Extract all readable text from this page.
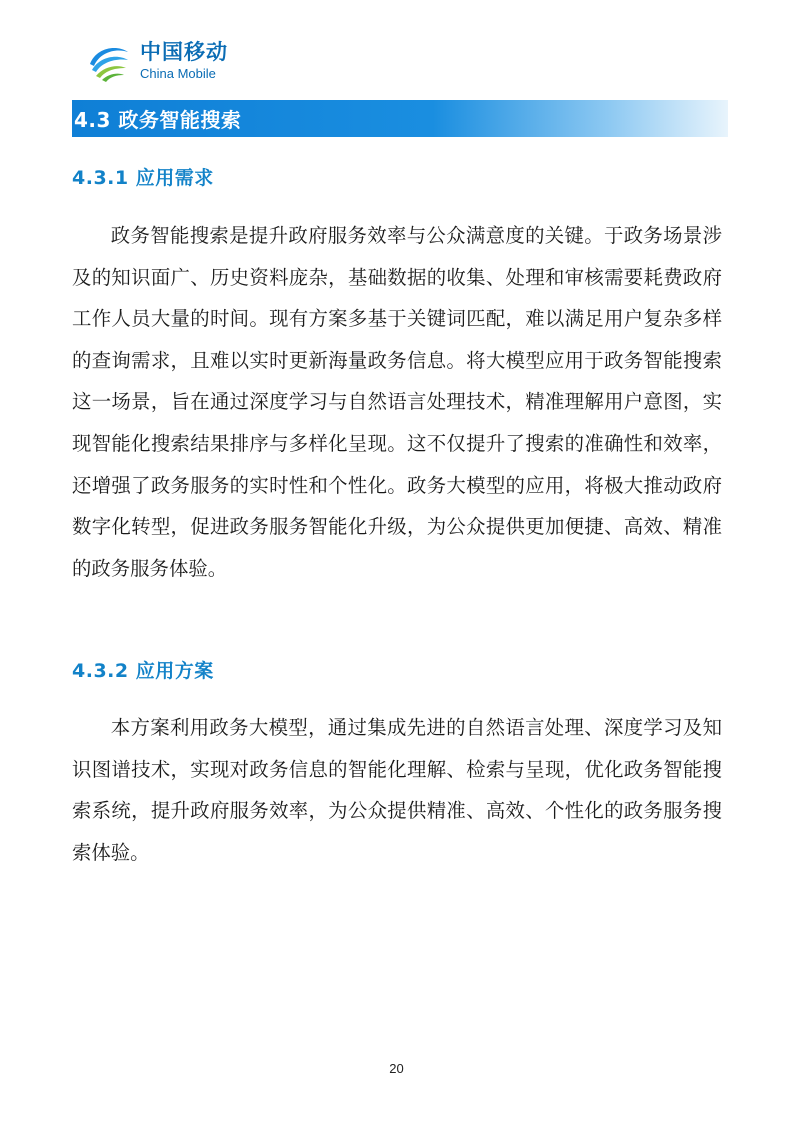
中国移动
China Mobile
4.3 政务智能搜索
4.3.1 应用需求

政务智能搜索是提升政府服务效率与公众满意度的关键。于政务场景涉及的知识面广、历史资料庞杂，基础数据的收集、处理和审核需要耗费政府工作人员大量的时间。现有方案多基于关键词匹配，难以满足用户复杂多样的查询需求，且难以实时更新海量政务信息。将大模型应用于政务智能搜索这一场景，旨在通过深度学习与自然语言处理技术，精准理解用户意图，实现智能化搜索结果排序与多样化呈现。这不仅提升了搜索的准确性和效率，还增强了政务服务的实时性和个性化。政务大模型的应用，将极大推动政府数字化转型，促进政务服务智能化升级，为公众提供更加便捷、高效、精准的政务服务体验。

4.3.2 应用方案

本方案利用政务大模型，通过集成先进的自然语言处理、深度学习及知识图谱技术，实现对政务信息的智能化理解、检索与呈现，优化政务智能搜索系统，提升政府服务效率，为公众提供精准、高效、个性化的政务服务搜索体验。

20
